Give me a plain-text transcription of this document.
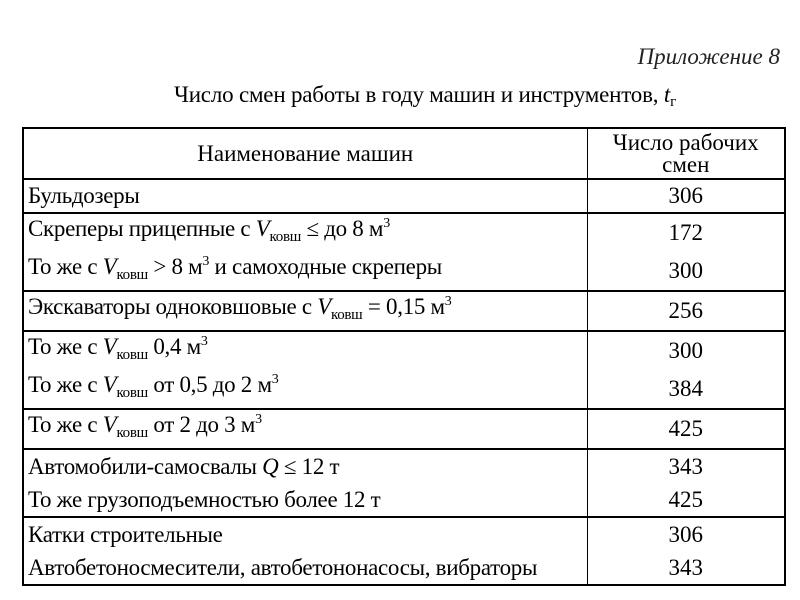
Приложение 8
Число смен работы в году машин и инструментов, tг
Наименование машин	Число рабочих смен
Бульдозеры	306
Скреперы прицепные с $V_{ковш}$ ≤ до 8 $м^3$	172
То же с $V_{ковш} > 8$ $м^3$ и самоходные скреперы	300
Экскаваторы одноковшовые с $V_{ковш} = 0,15$ $м^3$	256
То же с $V_{ковш}$ 0,4 $м^3$	300
То же с $V_{ковш}$ от 0,5 до 2 $м^3$	384
То же с $V_{ковш}$ от 2 до 3 $м^3$	425
Автомобили-самосвалы Q ≤ 12 т	343
То же грузоподъемностью более 12 т	425
Катки строительные	306
Автобетоносмесители, автобетононасосы, вибраторы	343
